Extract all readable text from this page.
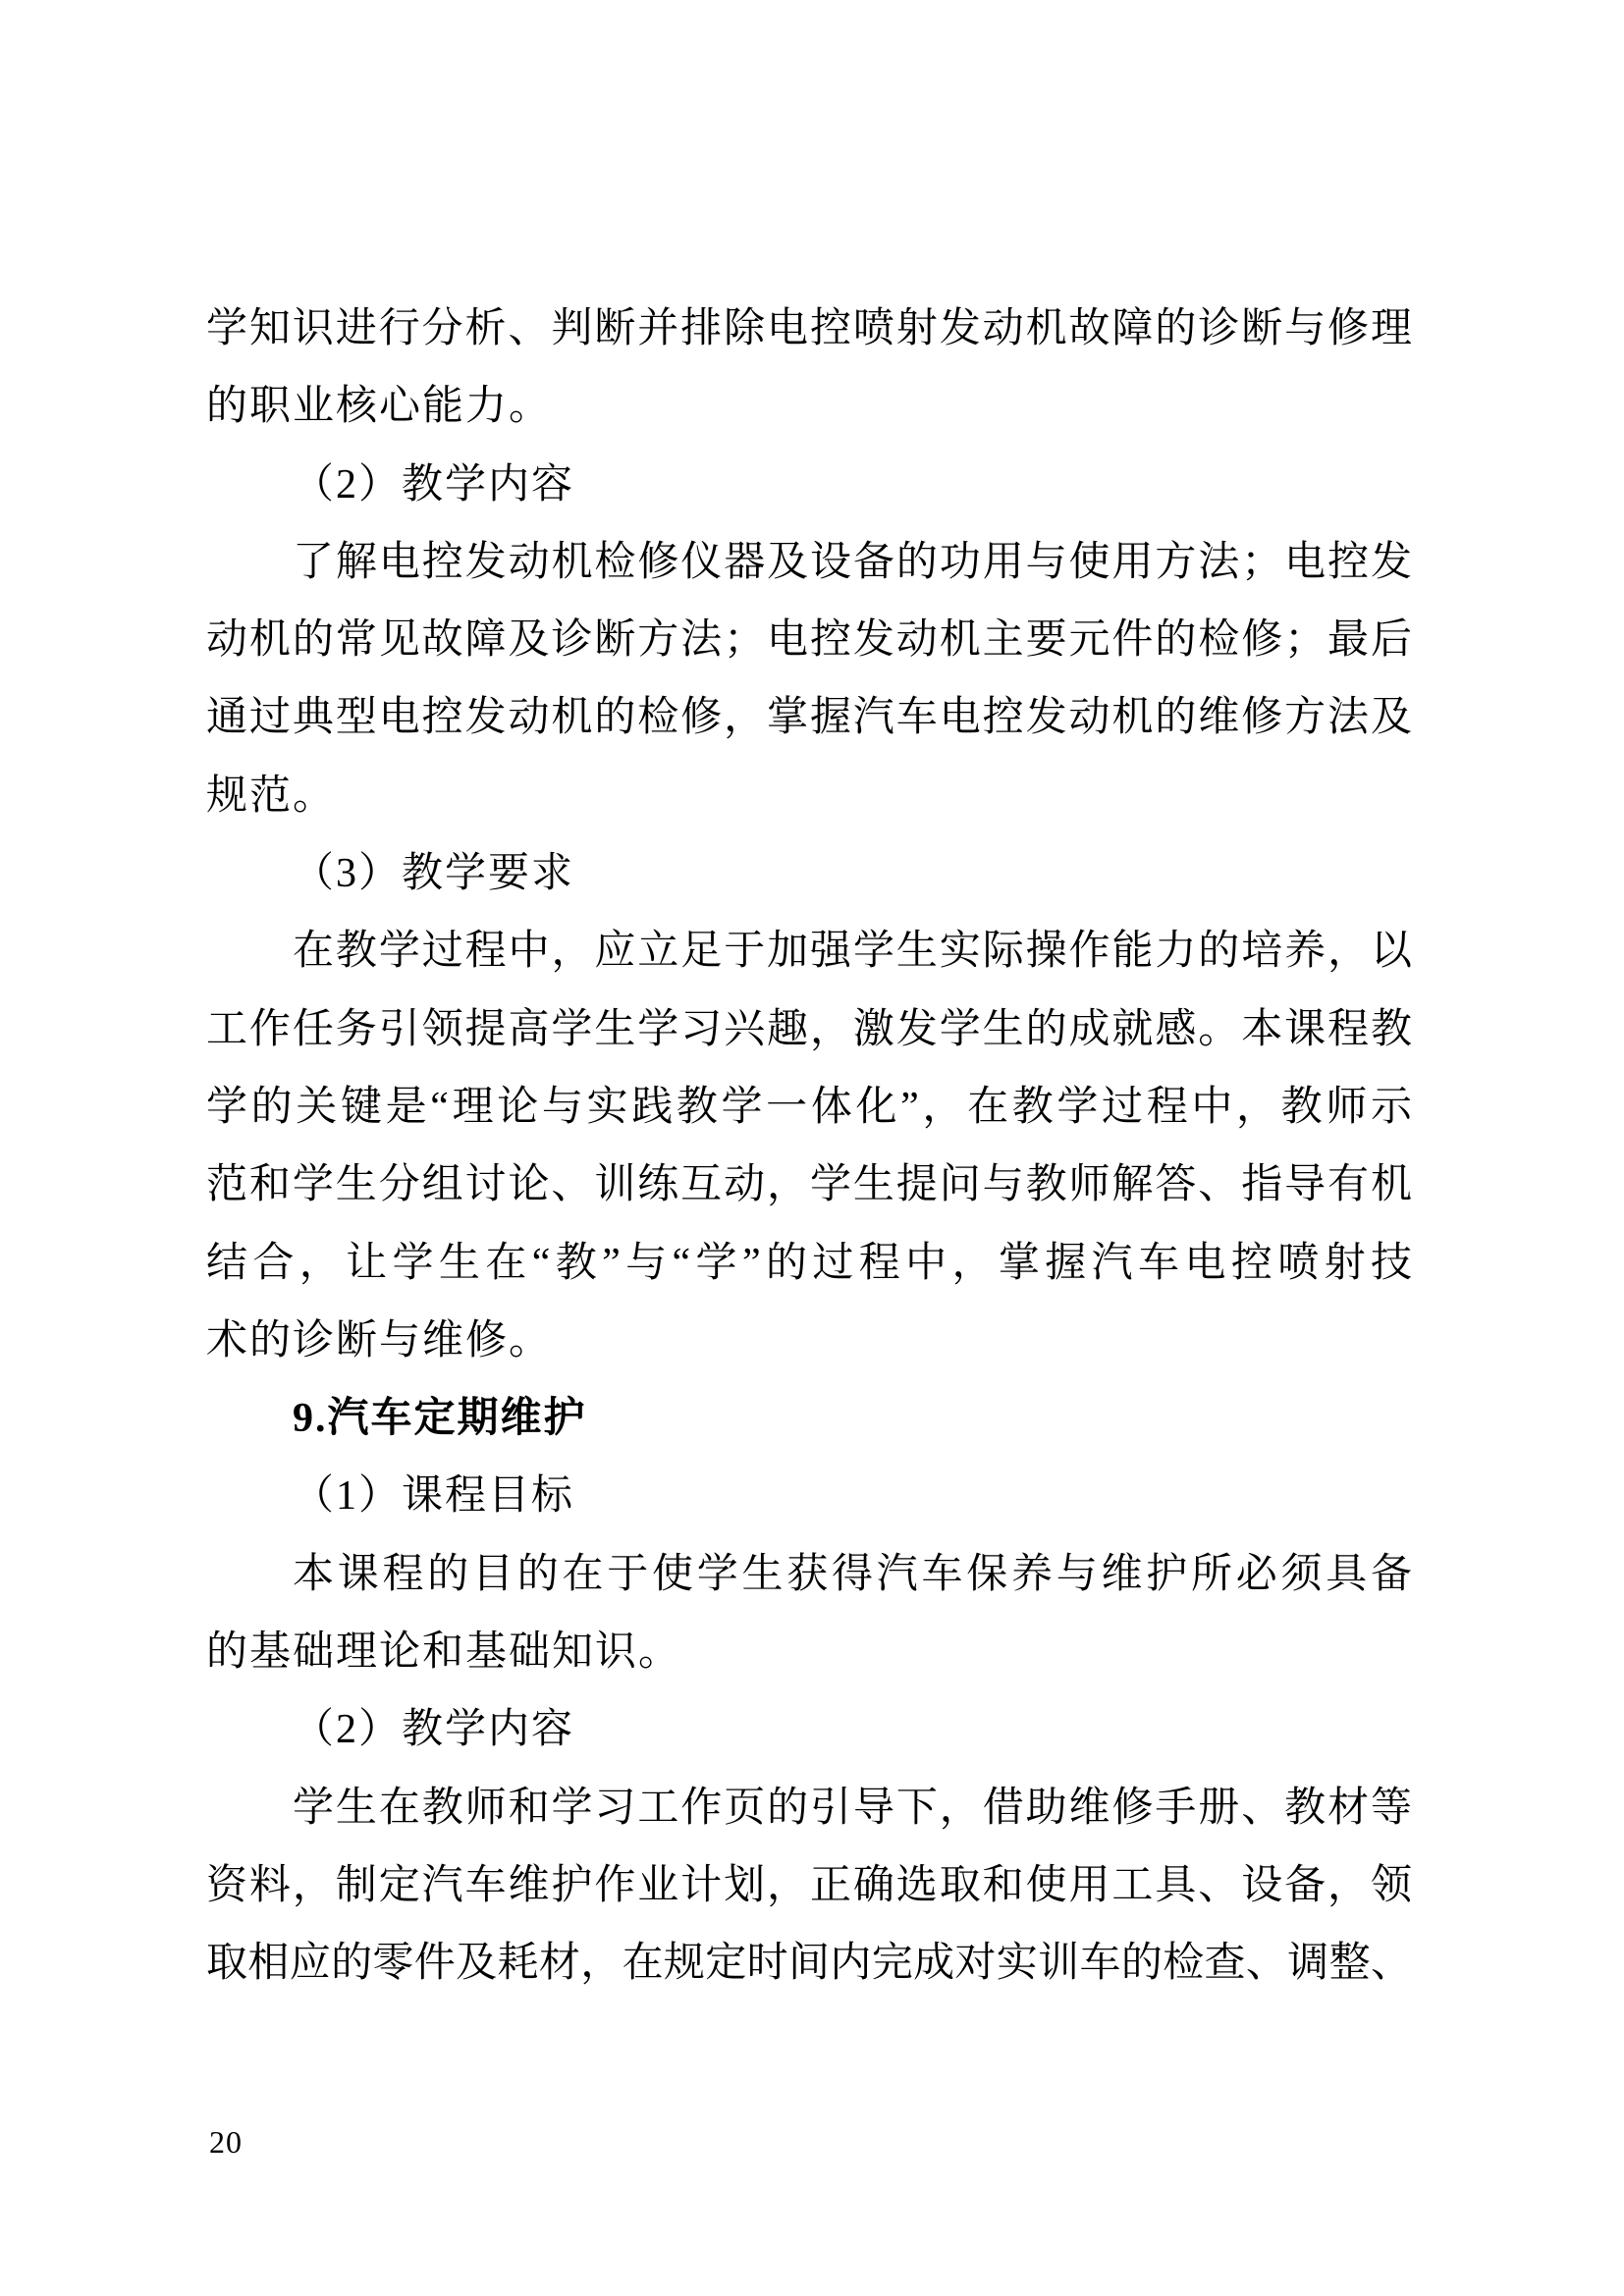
学知识进行分析、判断并排除电控喷射发动机故障的诊断与修理
的职业核心能力。
（2）教学内容
了解电控发动机检修仪器及设备的功用与使用方法；电控发
动机的常见故障及诊断方法；电控发动机主要元件的检修；最后
通过典型电控发动机的检修，掌握汽车电控发动机的维修方法及
规范。
（3）教学要求
在教学过程中，应立足于加强学生实际操作能力的培养，以
工作任务引领提高学生学习兴趣，激发学生的成就感。本课程教
学的关键是“理论与实践教学一体化”，在教学过程中，教师示
范和学生分组讨论、训练互动，学生提问与教师解答、指导有机
结合，让学生在“教”与“学”的过程中，掌握汽车电控喷射技
术的诊断与维修。
9.汽车定期维护
（1）课程目标
本课程的目的在于使学生获得汽车保养与维护所必须具备
的基础理论和基础知识。
（2）教学内容
学生在教师和学习工作页的引导下，借助维修手册、教材等
资料，制定汽车维护作业计划，正确选取和使用工具、设备，领
取相应的零件及耗材，在规定时间内完成对实训车的检查、调整、
20
